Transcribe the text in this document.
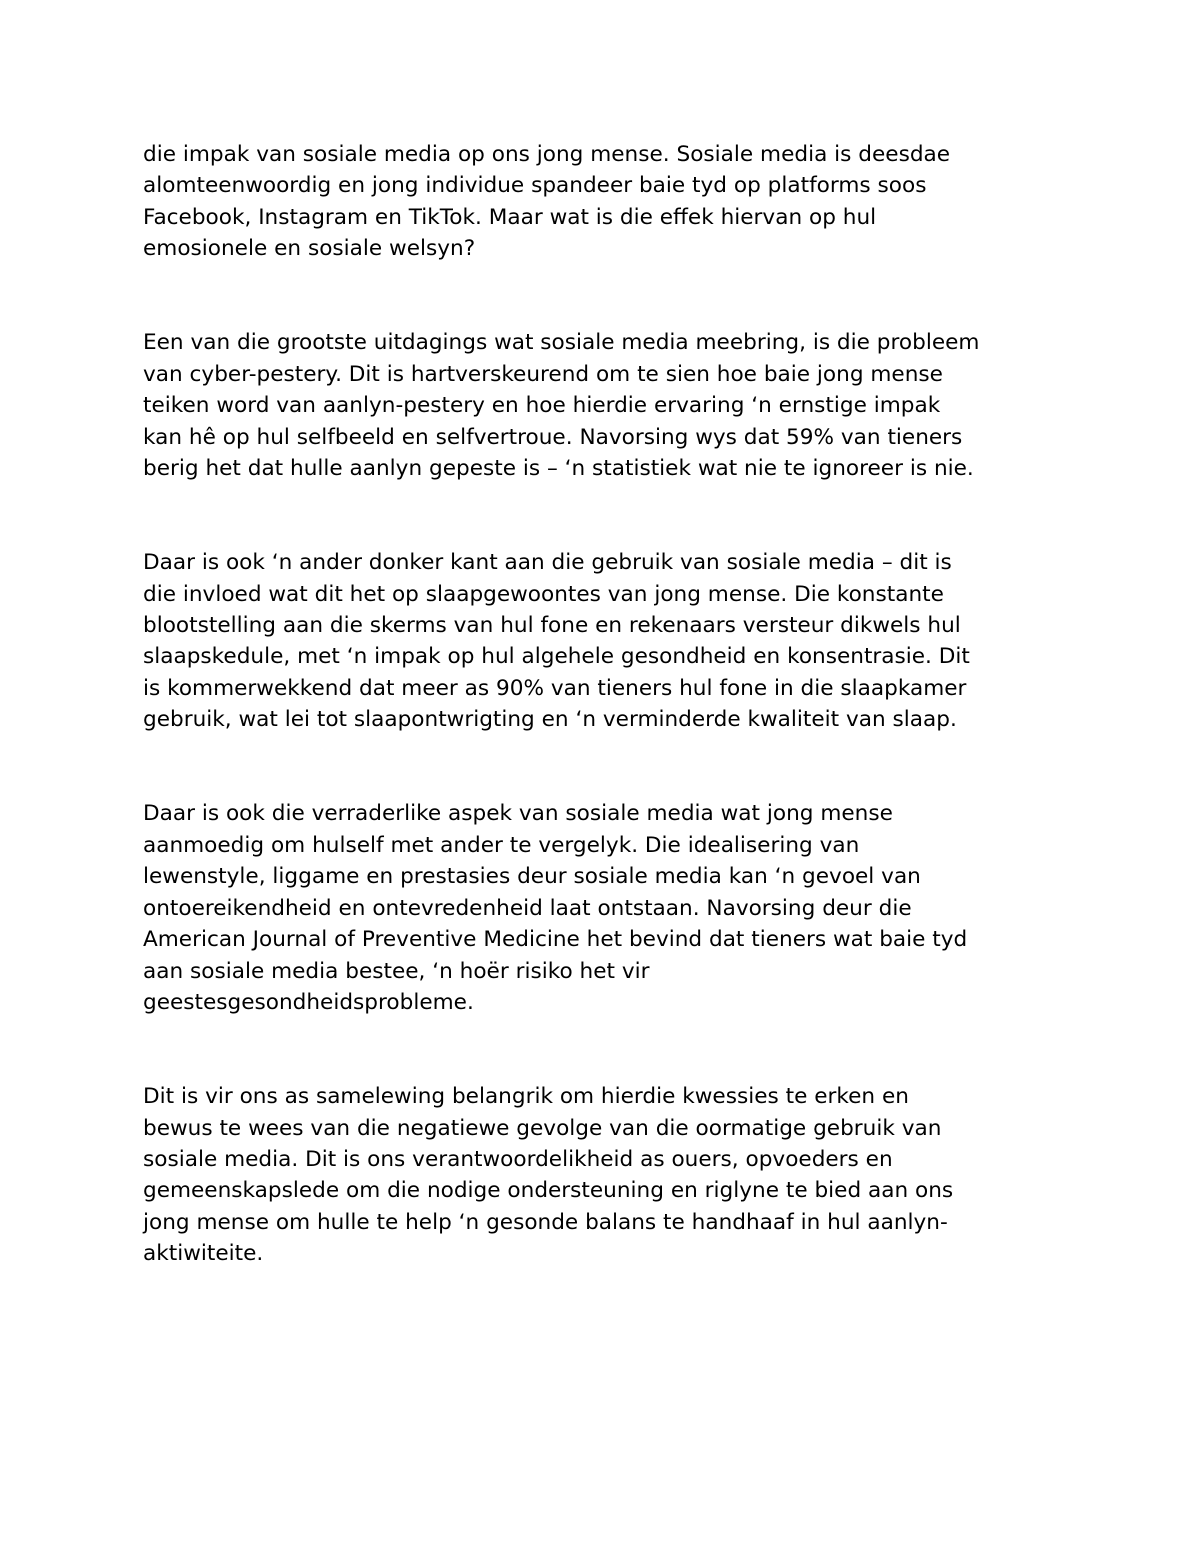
die impak van sosiale media op ons jong mense. Sosiale media is deesdae
alomteenwoordig en jong individue spandeer baie tyd op platforms soos
Facebook, Instagram en TikTok. Maar wat is die effek hiervan op hul
emosionele en sosiale welsyn?

Een van die grootste uitdagings wat sosiale media meebring, is die probleem
van cyber-pestery. Dit is hartverskeurend om te sien hoe baie jong mense
teiken word van aanlyn-pestery en hoe hierdie ervaring ‘n ernstige impak
kan hê op hul selfbeeld en selfvertroue. Navorsing wys dat 59% van tieners
berig het dat hulle aanlyn gepeste is – ‘n statistiek wat nie te ignoreer is nie.

Daar is ook ‘n ander donker kant aan die gebruik van sosiale media – dit is
die invloed wat dit het op slaapgewoontes van jong mense. Die konstante
blootstelling aan die skerms van hul fone en rekenaars versteur dikwels hul
slaapskedule, met ‘n impak op hul algehele gesondheid en konsentrasie. Dit
is kommerwekkend dat meer as 90% van tieners hul fone in die slaapkamer
gebruik, wat lei tot slaapontwrigting en ‘n verminderde kwaliteit van slaap.

Daar is ook die verraderlike aspek van sosiale media wat jong mense
aanmoedig om hulself met ander te vergelyk. Die idealisering van
lewenstyle, liggame en prestasies deur sosiale media kan ‘n gevoel van
ontoereikendheid en ontevredenheid laat ontstaan. Navorsing deur die
American Journal of Preventive Medicine het bevind dat tieners wat baie tyd
aan sosiale media bestee, ‘n hoër risiko het vir
geestesgesondheidsprobleme.

Dit is vir ons as samelewing belangrik om hierdie kwessies te erken en
bewus te wees van die negatiewe gevolge van die oormatige gebruik van
sosiale media. Dit is ons verantwoordelikheid as ouers, opvoeders en
gemeenskapslede om die nodige ondersteuning en riglyne te bied aan ons
jong mense om hulle te help ‘n gesonde balans te handhaaf in hul aanlyn-
aktiwiteite.
